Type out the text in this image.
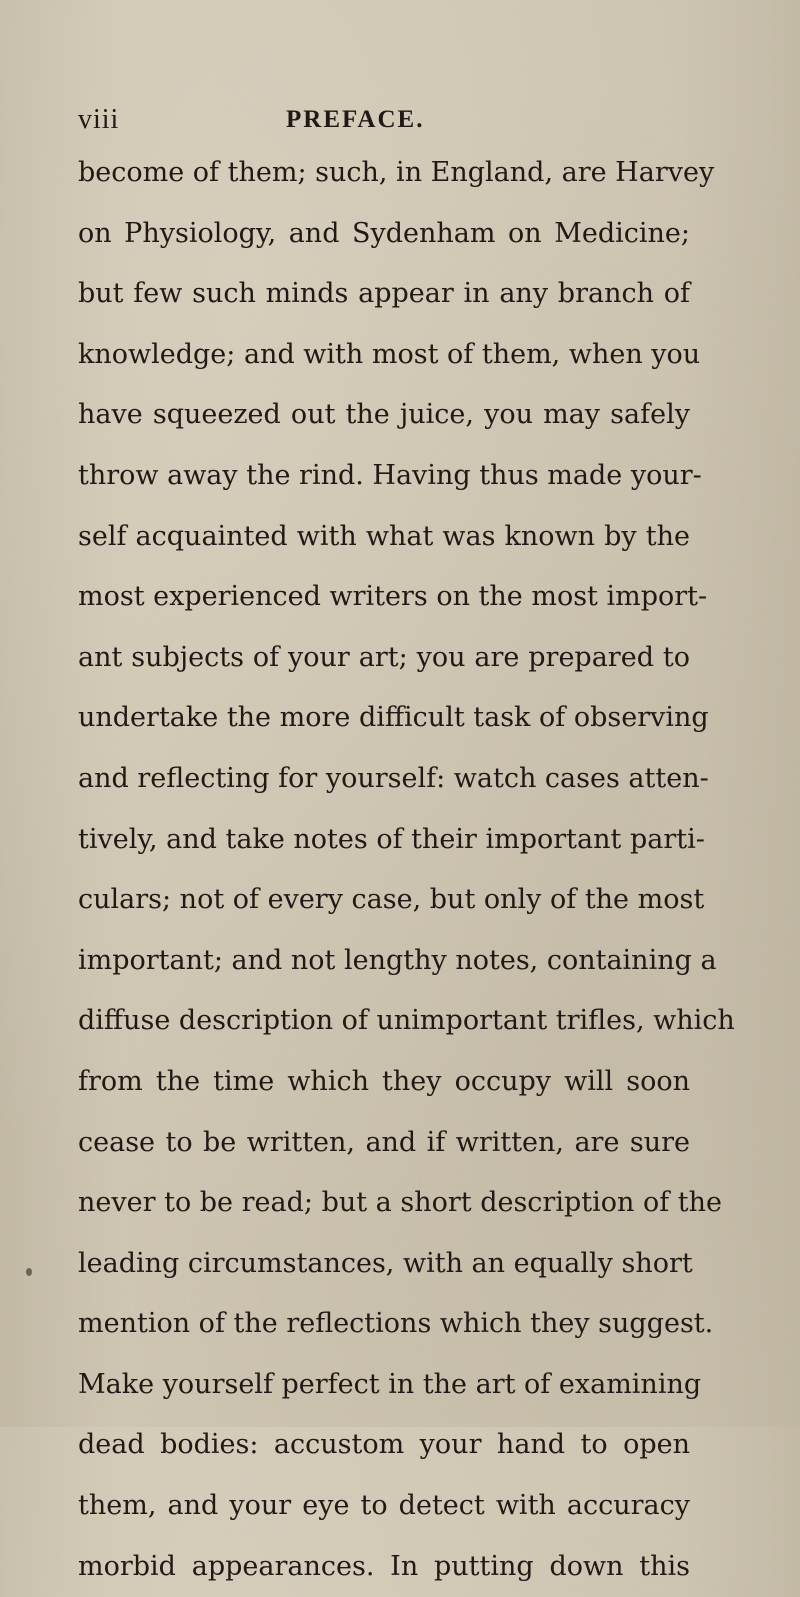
viii	PREFACE.
become of them; such, in England, are Harvey
on Physiology, and Sydenham on Medicine;
but few such minds appear in any branch of
knowledge; and with most of them, when you
have squeezed out the juice, you may safely
throw away the rind. Having thus made your-
self acquainted with what was known by the
most experienced writers on the most import-
ant subjects of your art; you are prepared to
undertake the more difficult task of observing
and reflecting for yourself: watch cases atten-
tively, and take notes of their important parti-
culars; not of every case, but only of the most
important; and not lengthy notes, containing a
diffuse description of unimportant trifles, which
from the time which they occupy will soon
cease to be written, and if written, are sure
never to be read; but a short description of the
leading circumstances, with an equally short
mention of the reflections which they suggest.
Make yourself perfect in the art of examining
dead bodies: accustom your hand to open
them, and your eye to detect with accuracy
morbid appearances. In putting down this
